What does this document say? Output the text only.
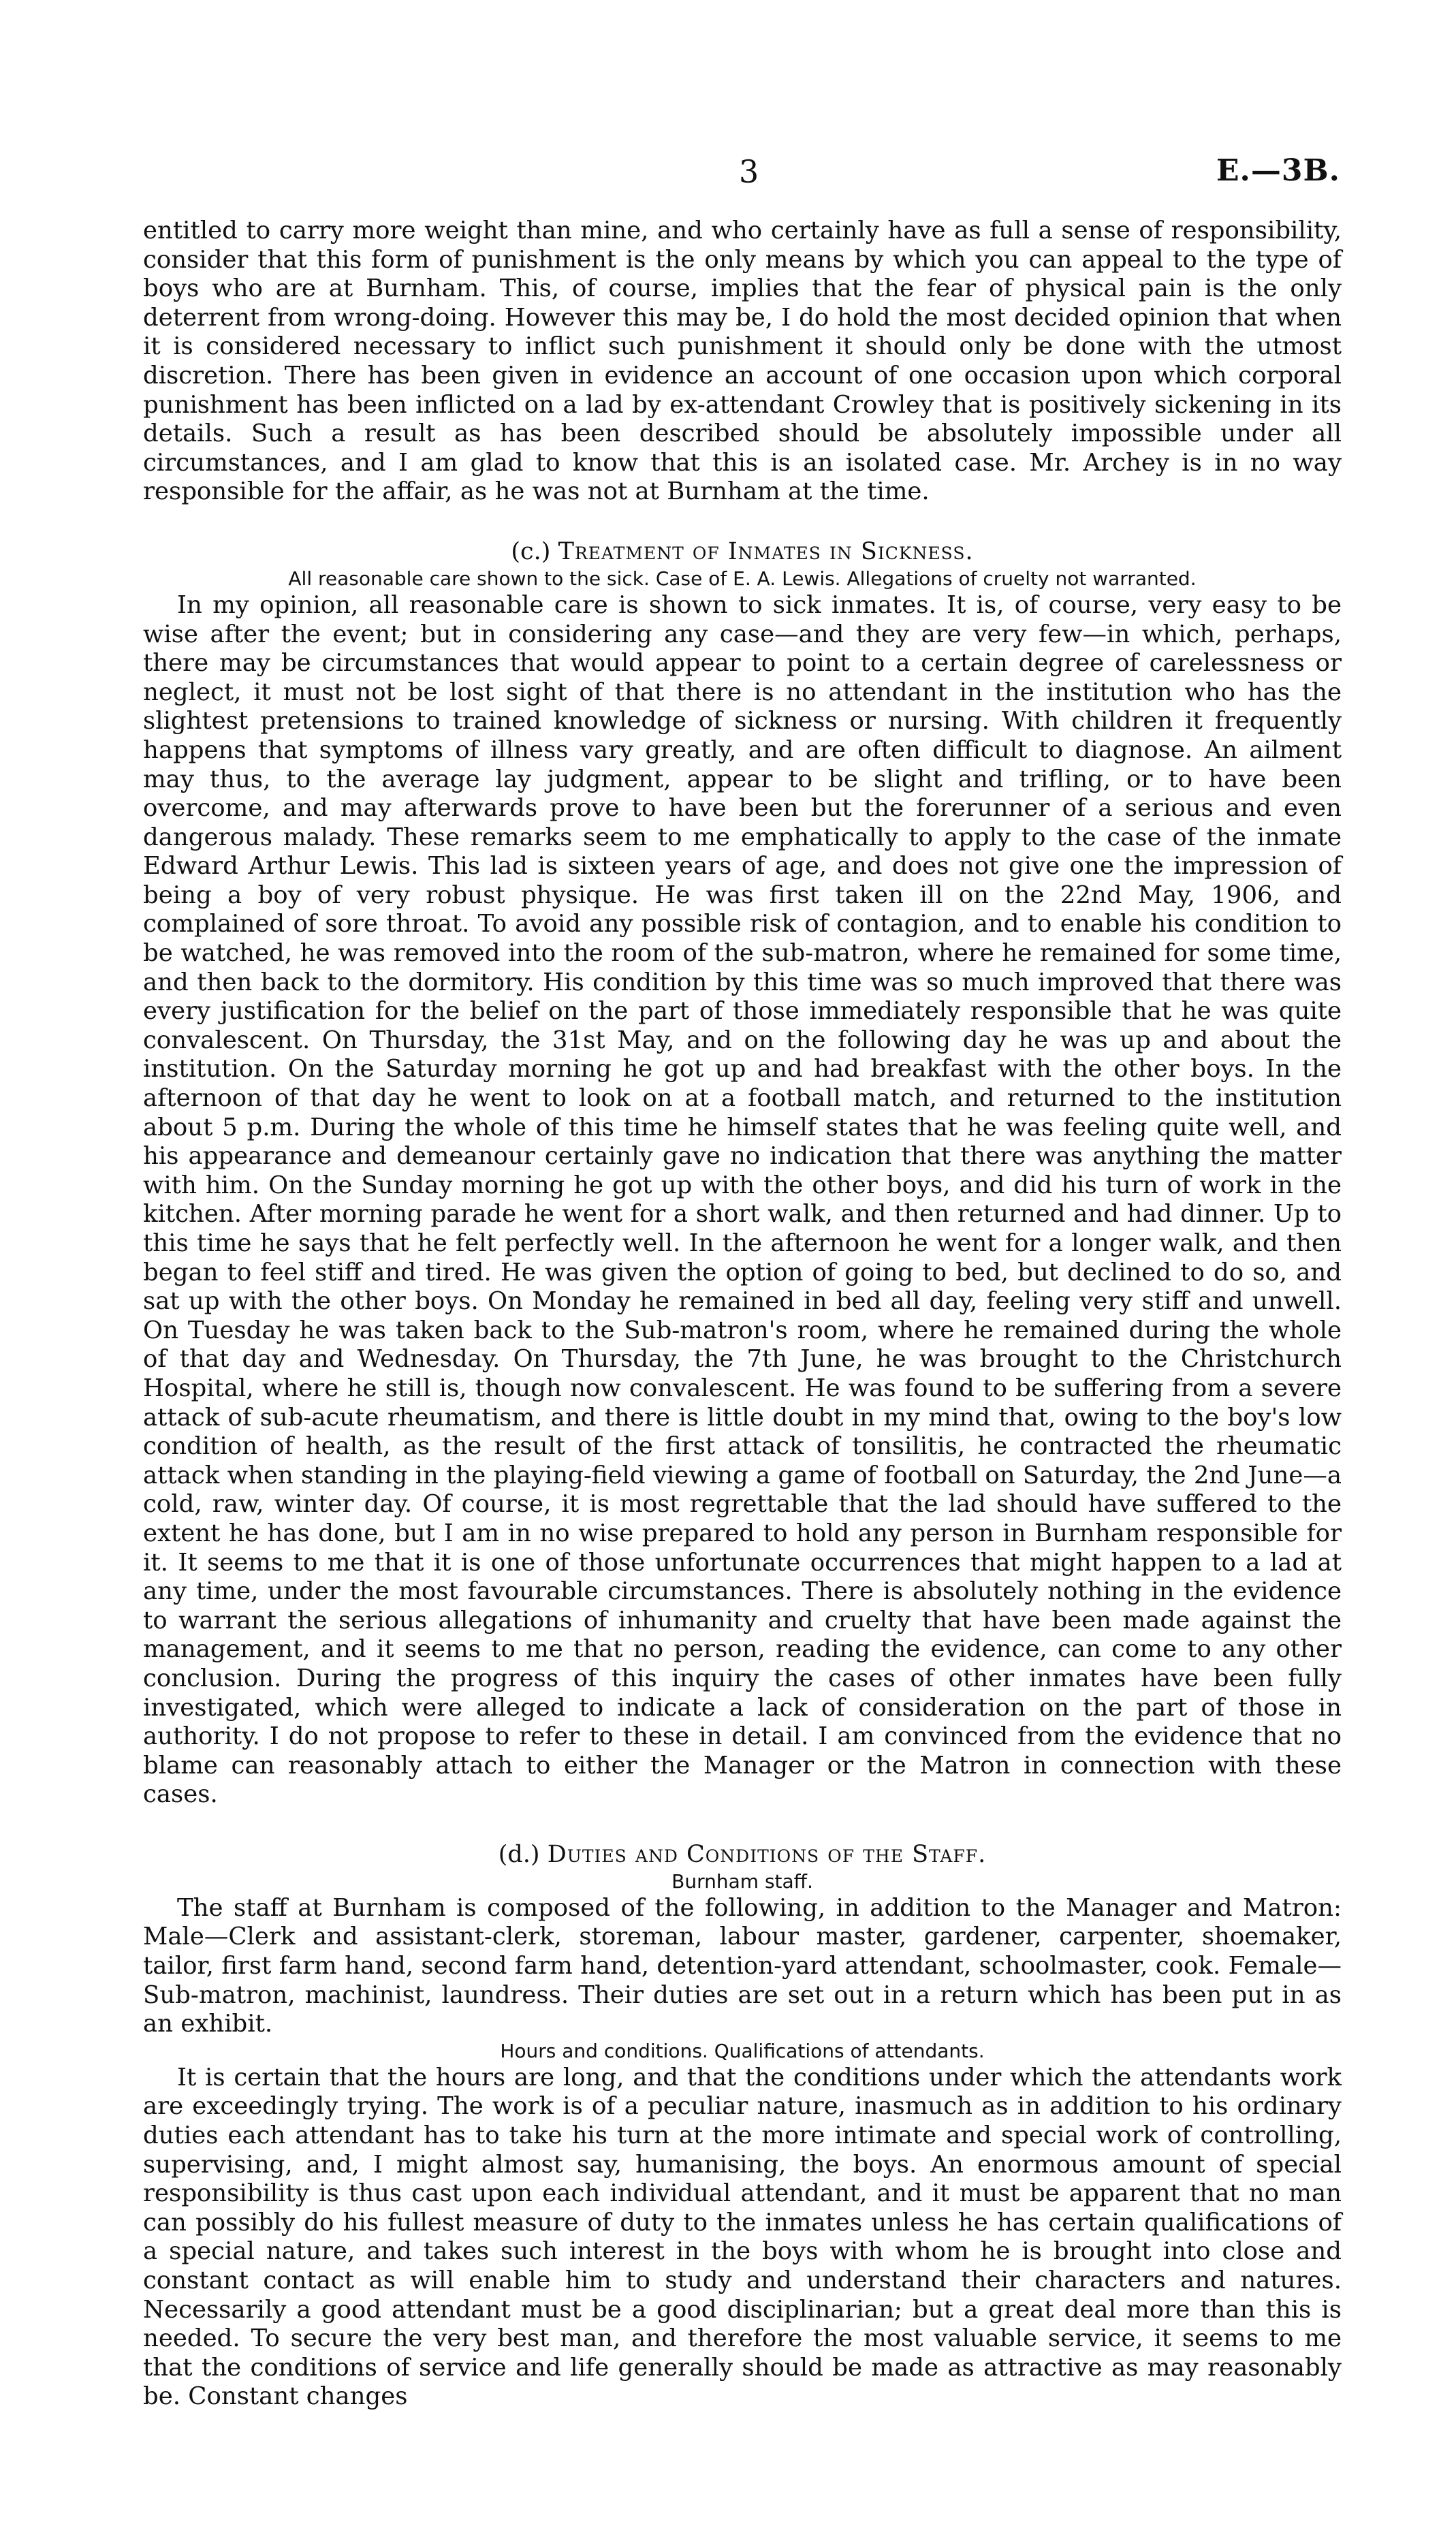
3	E.—3B.

entitled to carry more weight than mine, and who certainly have as full a sense of responsibility, consider that this form of punishment is the only means by which you can appeal to the type of boys who are at Burnham. This, of course, implies that the fear of physical pain is the only deterrent from wrong-doing. However this may be, I do hold the most decided opinion that when it is considered necessary to inflict such punishment it should only be done with the utmost discretion. There has been given in evidence an account of one occasion upon which corporal punishment has been inflicted on a lad by ex-attendant Crowley that is positively sickening in its details. Such a result as has been described should be absolutely impossible under all circumstances, and I am glad to know that this is an isolated case. Mr. Archey is in no way responsible for the affair, as he was not at Burnham at the time.

(c.) Treatment of Inmates in Sickness.
All reasonable care shown to the sick. Case of E. A. Lewis. Allegations of cruelty not warranted.

In my opinion, all reasonable care is shown to sick inmates. It is, of course, very easy to be wise after the event; but in considering any case—and they are very few—in which, perhaps, there may be circumstances that would appear to point to a certain degree of carelessness or neglect, it must not be lost sight of that there is no attendant in the institution who has the slightest pretensions to trained knowledge of sickness or nursing. With children it frequently happens that symptoms of illness vary greatly, and are often difficult to diagnose. An ailment may thus, to the average lay judgment, appear to be slight and trifling, or to have been overcome, and may afterwards prove to have been but the forerunner of a serious and even dangerous malady. These remarks seem to me emphatically to apply to the case of the inmate Edward Arthur Lewis. This lad is sixteen years of age, and does not give one the impression of being a boy of very robust physique. He was first taken ill on the 22nd May, 1906, and complained of sore throat. To avoid any possible risk of contagion, and to enable his condition to be watched, he was removed into the room of the sub-matron, where he remained for some time, and then back to the dormitory. His condition by this time was so much improved that there was every justification for the belief on the part of those immediately responsible that he was quite convalescent. On Thursday, the 31st May, and on the following day he was up and about the institution. On the Saturday morning he got up and had breakfast with the other boys. In the afternoon of that day he went to look on at a football match, and returned to the institution about 5 p.m. During the whole of this time he himself states that he was feeling quite well, and his appearance and demeanour certainly gave no indication that there was anything the matter with him. On the Sunday morning he got up with the other boys, and did his turn of work in the kitchen. After morning parade he went for a short walk, and then returned and had dinner. Up to this time he says that he felt perfectly well. In the afternoon he went for a longer walk, and then began to feel stiff and tired. He was given the option of going to bed, but declined to do so, and sat up with the other boys. On Monday he remained in bed all day, feeling very stiff and unwell. On Tuesday he was taken back to the Sub-matron's room, where he remained during the whole of that day and Wednesday. On Thursday, the 7th June, he was brought to the Christchurch Hospital, where he still is, though now convalescent. He was found to be suffering from a severe attack of sub-acute rheumatism, and there is little doubt in my mind that, owing to the boy's low condition of health, as the result of the first attack of tonsilitis, he contracted the rheumatic attack when standing in the playing-field viewing a game of football on Saturday, the 2nd June—a cold, raw, winter day. Of course, it is most regrettable that the lad should have suffered to the extent he has done, but I am in no wise prepared to hold any person in Burnham responsible for it. It seems to me that it is one of those unfortunate occurrences that might happen to a lad at any time, under the most favourable circumstances. There is absolutely nothing in the evidence to warrant the serious allegations of inhumanity and cruelty that have been made against the management, and it seems to me that no person, reading the evidence, can come to any other conclusion. During the progress of this inquiry the cases of other inmates have been fully investigated, which were alleged to indicate a lack of consideration on the part of those in authority. I do not propose to refer to these in detail. I am convinced from the evidence that no blame can reasonably attach to either the Manager or the Matron in connection with these cases.

(d.) Duties and Conditions of the Staff.
Burnham staff.

The staff at Burnham is composed of the following, in addition to the Manager and Matron: Male—Clerk and assistant-clerk, storeman, labour master, gardener, carpenter, shoemaker, tailor, first farm hand, second farm hand, detention-yard attendant, schoolmaster, cook. Female—Sub-matron, machinist, laundress. Their duties are set out in a return which has been put in as an exhibit.

Hours and conditions. Qualifications of attendants.

It is certain that the hours are long, and that the conditions under which the attendants work are exceedingly trying. The work is of a peculiar nature, inasmuch as in addition to his ordinary duties each attendant has to take his turn at the more intimate and special work of controlling, supervising, and, I might almost say, humanising, the boys. An enormous amount of special responsibility is thus cast upon each individual attendant, and it must be apparent that no man can possibly do his fullest measure of duty to the inmates unless he has certain qualifications of a special nature, and takes such interest in the boys with whom he is brought into close and constant contact as will enable him to study and understand their characters and natures. Necessarily a good attendant must be a good disciplinarian; but a great deal more than this is needed. To secure the very best man, and therefore the most valuable service, it seems to me that the conditions of service and life generally should be made as attractive as may reasonably be. Constant changes
